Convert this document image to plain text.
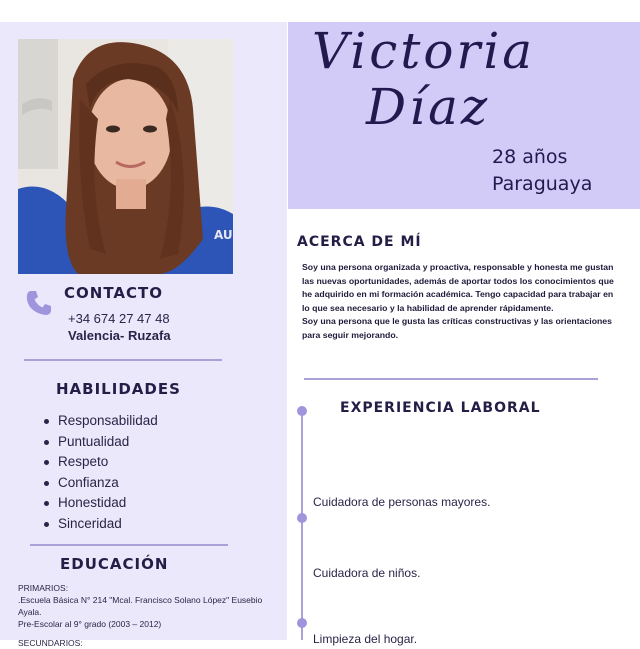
AU
CONTACTO
+34 674 27 47 48
Valencia- Ruzafa
HABILIDADES
Responsabilidad
Puntualidad
Respeto
Confianza
Honestidad
Sinceridad
EDUCACIÓN
PRIMARIOS:
.Escuela Básica N° 214 "Mcal. Francisco Solano López" Eusebio Ayala.
Pre-Escolar al 9° grado (2003 – 2012)
SECUNDARIOS:
Victoria
Díaz
28 años
Paraguaya
ACERCA DE MÍ
Soy una persona organizada y proactiva, responsable y honesta me gustan las nuevas oportunidades, además de aportar todos los conocimientos que he adquirido en mi formación académica. Tengo capacidad para trabajar en lo que sea necesario y la habilidad de aprender rápidamente.
Soy una persona que le gusta las críticas constructivas y las orientaciones para seguir mejorando.
EXPERIENCIA LABORAL
Cuidadora de personas mayores.
Cuidadora de niños.
Limpieza del hogar.
